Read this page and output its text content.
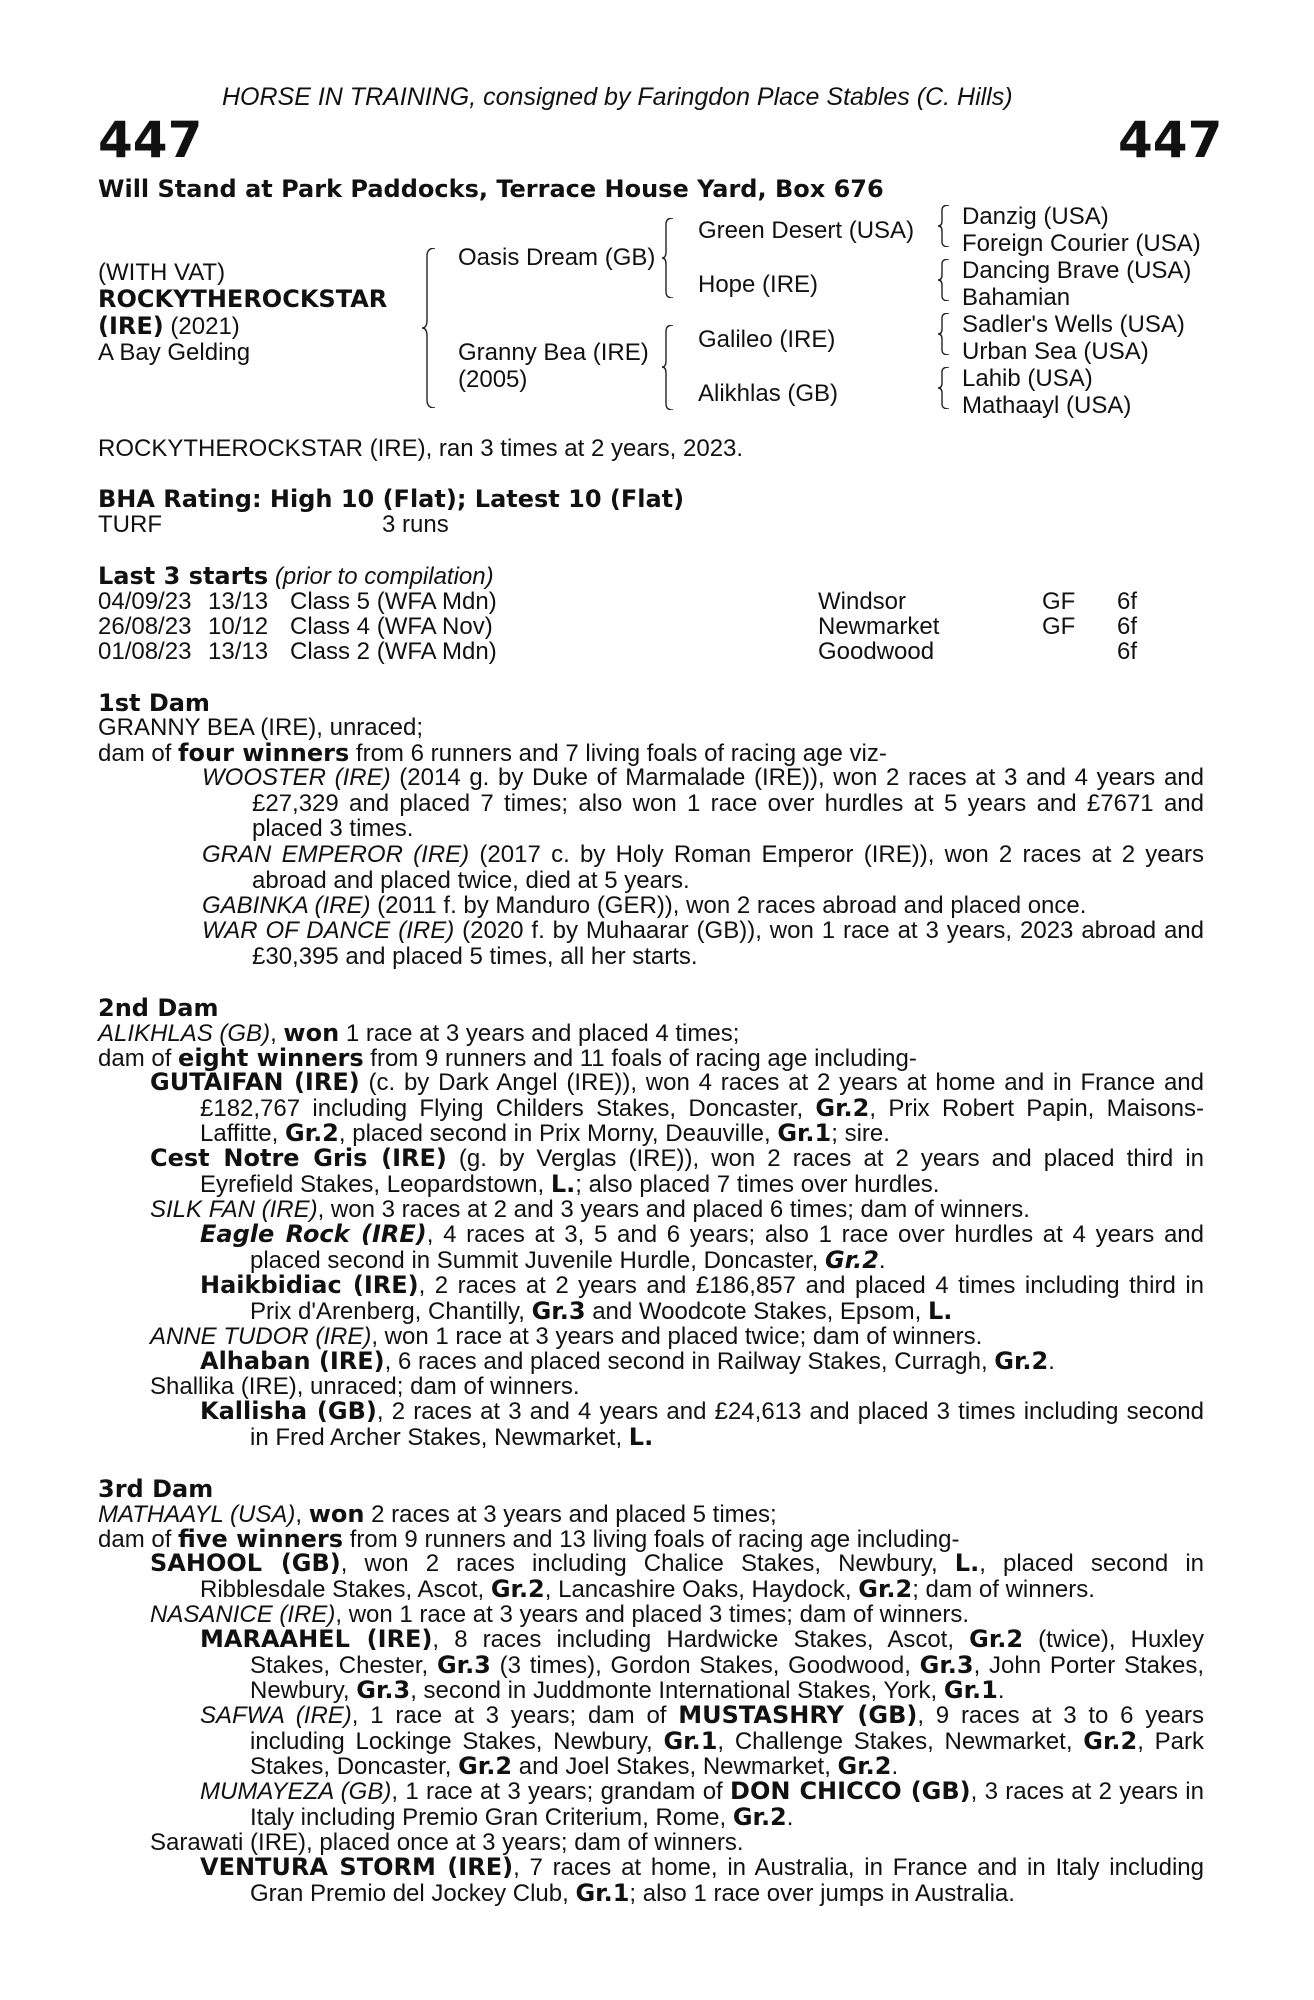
HORSE IN TRAINING, consigned by Faringdon Place Stables (C. Hills)
447	447
Will Stand at Park Paddocks, Terrace House Yard, Box 676
(WITH VAT)
ROCKYTHEROCKSTAR
(IRE) (2021)
A Bay Gelding
Oasis Dream (GB)
Granny Bea (IRE)
(2005)
Green Desert (USA)
Hope (IRE)
Galileo (IRE)
Alikhlas (GB)
Danzig (USA)
Foreign Courier (USA)
Dancing Brave (USA)
Bahamian
Sadler's Wells (USA)
Urban Sea (USA)
Lahib (USA)
Mathaayl (USA)
ROCKYTHEROCKSTAR (IRE), ran 3 times at 2 years, 2023.
BHA Rating: High 10 (Flat); Latest 10 (Flat)
TURF	3 runs
Last 3 starts (prior to compilation)
04/09/23 13/13 Class 5 (WFA Mdn)	Windsor	GF 6f
26/08/23 10/12 Class 4 (WFA Nov)	Newmarket	GF 6f
01/08/23 13/13 Class 2 (WFA Mdn)	Goodwood	6f
1st Dam
GRANNY BEA (IRE), unraced;
dam of four winners from 6 runners and 7 living foals of racing age viz-
WOOSTER (IRE) (2014 g. by Duke of Marmalade (IRE)), won 2 races at 3 and 4 years and £27,329 and placed 7 times; also won 1 race over hurdles at 5 years and £7671 and placed 3 times.
GRAN EMPEROR (IRE) (2017 c. by Holy Roman Emperor (IRE)), won 2 races at 2 years abroad and placed twice, died at 5 years.
GABINKA (IRE) (2011 f. by Manduro (GER)), won 2 races abroad and placed once.
WAR OF DANCE (IRE) (2020 f. by Muhaarar (GB)), won 1 race at 3 years, 2023 abroad and £30,395 and placed 5 times, all her starts.
2nd Dam
ALIKHLAS (GB), won 1 race at 3 years and placed 4 times;
dam of eight winners from 9 runners and 11 foals of racing age including-
GUTAIFAN (IRE) (c. by Dark Angel (IRE)), won 4 races at 2 years at home and in France and £182,767 including Flying Childers Stakes, Doncaster, Gr.2, Prix Robert Papin, Maisons-Laffitte, Gr.2, placed second in Prix Morny, Deauville, Gr.1; sire.
Cest Notre Gris (IRE) (g. by Verglas (IRE)), won 2 races at 2 years and placed third in Eyrefield Stakes, Leopardstown, L.; also placed 7 times over hurdles.
SILK FAN (IRE), won 3 races at 2 and 3 years and placed 6 times; dam of winners.
Eagle Rock (IRE), 4 races at 3, 5 and 6 years; also 1 race over hurdles at 4 years and placed second in Summit Juvenile Hurdle, Doncaster, Gr.2.
Haikbidiac (IRE), 2 races at 2 years and £186,857 and placed 4 times including third in Prix d'Arenberg, Chantilly, Gr.3 and Woodcote Stakes, Epsom, L.
ANNE TUDOR (IRE), won 1 race at 3 years and placed twice; dam of winners.
Alhaban (IRE), 6 races and placed second in Railway Stakes, Curragh, Gr.2.
Shallika (IRE), unraced; dam of winners.
Kallisha (GB), 2 races at 3 and 4 years and £24,613 and placed 3 times including second in Fred Archer Stakes, Newmarket, L.
3rd Dam
MATHAAYL (USA), won 2 races at 3 years and placed 5 times;
dam of five winners from 9 runners and 13 living foals of racing age including-
SAHOOL (GB), won 2 races including Chalice Stakes, Newbury, L., placed second in Ribblesdale Stakes, Ascot, Gr.2, Lancashire Oaks, Haydock, Gr.2; dam of winners.
NASANICE (IRE), won 1 race at 3 years and placed 3 times; dam of winners.
MARAAHEL (IRE), 8 races including Hardwicke Stakes, Ascot, Gr.2 (twice), Huxley Stakes, Chester, Gr.3 (3 times), Gordon Stakes, Goodwood, Gr.3, John Porter Stakes, Newbury, Gr.3, second in Juddmonte International Stakes, York, Gr.1.
SAFWA (IRE), 1 race at 3 years; dam of MUSTASHRY (GB), 9 races at 3 to 6 years including Lockinge Stakes, Newbury, Gr.1, Challenge Stakes, Newmarket, Gr.2, Park Stakes, Doncaster, Gr.2 and Joel Stakes, Newmarket, Gr.2.
MUMAYEZA (GB), 1 race at 3 years; grandam of DON CHICCO (GB), 3 races at 2 years in Italy including Premio Gran Criterium, Rome, Gr.2.
Sarawati (IRE), placed once at 3 years; dam of winners.
VENTURA STORM (IRE), 7 races at home, in Australia, in France and in Italy including Gran Premio del Jockey Club, Gr.1; also 1 race over jumps in Australia.
